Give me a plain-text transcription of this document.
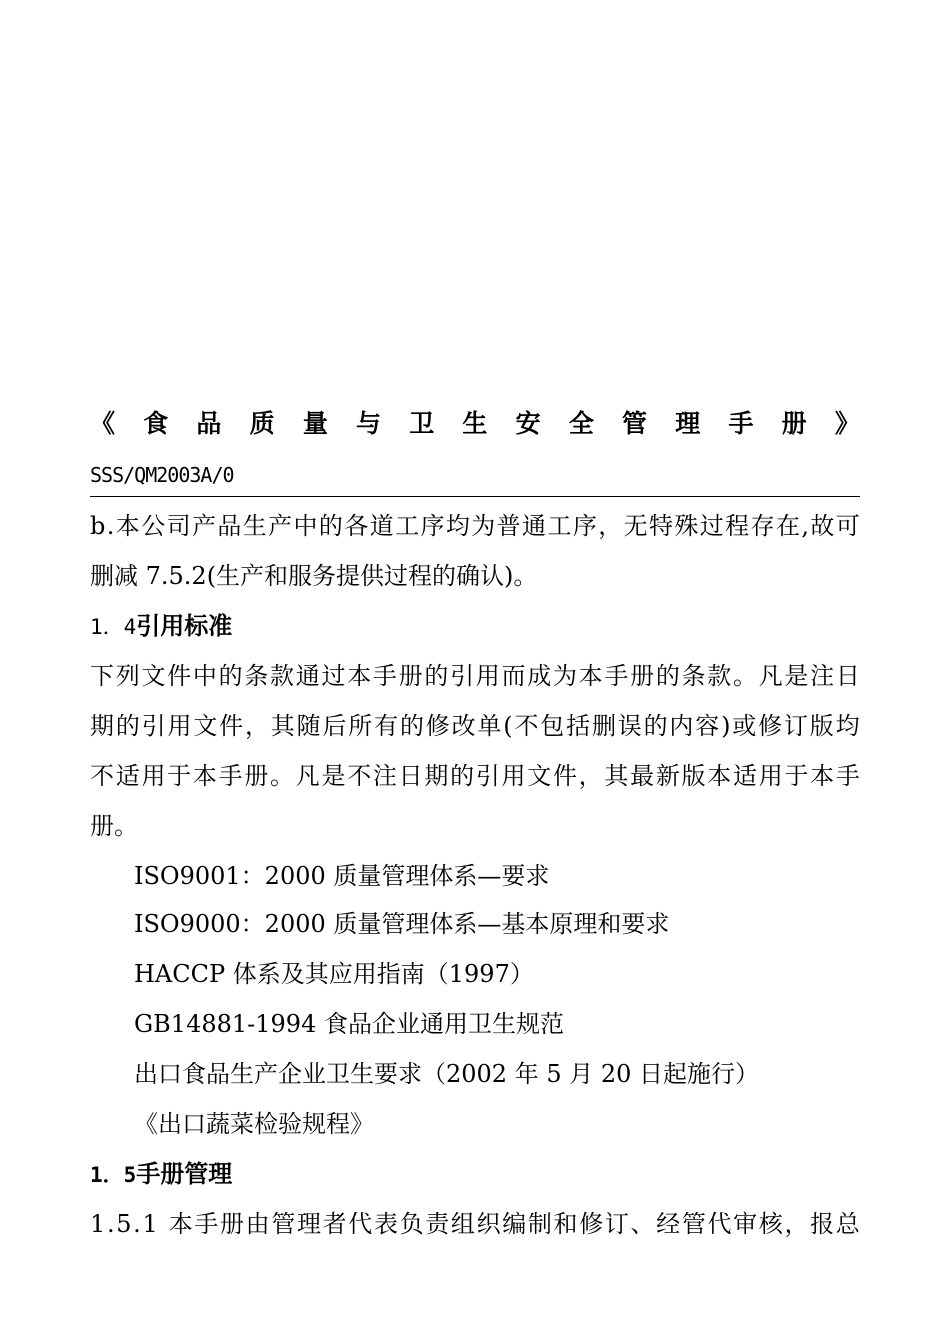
《 食 品 质 量 与 卫 生 安 全 管 理 手 册 》
SSS/QM2003A/0
b . 本 公 司 产 品 生 产 中 的 各 道 工 序 均 为 普 通 工 序 ， 无 特 殊 过 程 存 在 , 故 可
删减 7.5.2(生产和服务提供过程的确认)。
1．4引用标准
下 列 文 件 中 的 条 款 通 过 本 手 册 的 引 用 而 成 为 本 手 册 的 条 款 。 凡 是 注 日
期 的 引 用 文 件 ， 其 随 后 所 有 的 修 改 单 ( 不 包 括 删 误 的 内 容 ) 或 修 订 版 均
不 适 用 于 本 手 册 。 凡 是 不 注 日 期 的 引 用 文 件 ， 其 最 新 版 本 适 用 于 本 手
册。
ISO9001：2000 质量管理体系—要求
ISO9000：2000 质量管理体系—基本原理和要求
HACCP 体系及其应用指南（1997）
GB14881-1994 食品企业通用卫生规范
出口食品生产企业卫生要求（2002 年 5 月 20 日起施行）
《出口蔬菜检验规程》
1．5手册管理
1 . 5 . 1
本 手 册 由 管 理 者 代 表 负 责 组 织 编 制 和 修 订 、 经 管 代 审 核 ， 报 总
